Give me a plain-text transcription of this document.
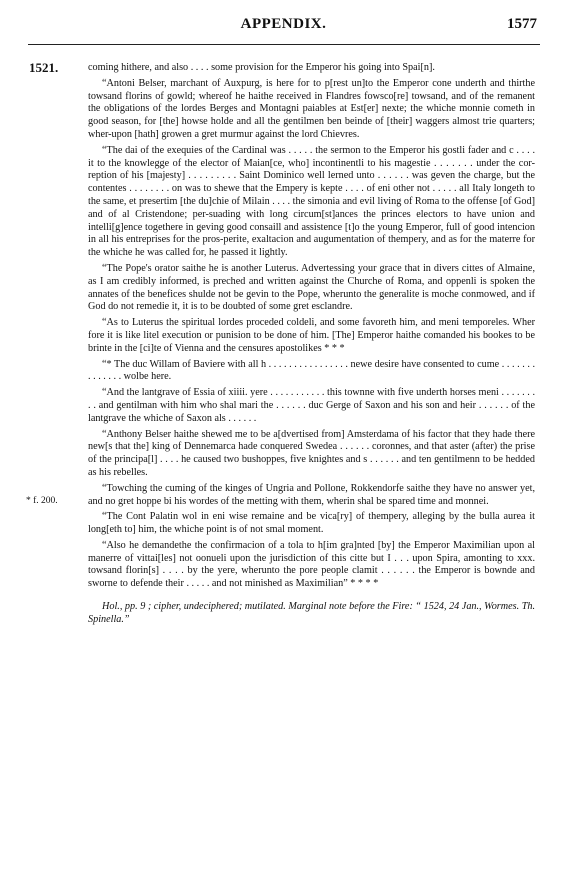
APPENDIX.	1577
1521.
* f. 200.

coming hithere, and also . . . . some provision for the Emperor his going into Spai[n].

“Antoni Belser, marchant of Auxpurg, is here for to p[rest un]to the Emperor cone underth and thirthe towsand florins of gowld; whereof he haithe received in Flandres fowsco[re] towsand, and of the remanent the obligations of the lordes Berges and Montagni paiables at Est[er] nexte; the whiche monnie cometh in good season, for [the] howse holde and all the gentilmen ben beinde of [their] waggers almost trie quarters; wher-upon [hath] growen a gret murmur against the lord Chievres.

“The dai of the exequies of the Cardinal was . . . . . the sermon to the Emperor his gostli fader and c . . . . it to the knowlegge of the elector of Maian[ce, who] incontinentli to his magestie . . . . . . . under the cor-reption of his [majesty] . . . . . . . . . Saint Dominico well lerned unto . . . . . . was geven the charge, but the contentes . . . . . . . . on was to shewe that the Empery is kepte . . . . of eni other not . . . . . all Italy longeth to the same, et presertim [the du]chie of Milain . . . . the simonia and evil living of Roma to the offense [of God] and of al Cristendone; per-suading with long circum[st]ances the princes electors to have union and intelli[g]ence togethere in geving good consaill and assistence [t]o the young Emperor, full of good intencion in all his entreprises for the pros-perite, exaltacion and augumentation of thempery, and as for the materre for the whiche he was called for, he passed it lightly.

“The Pope's orator saithe he is another Luterus. Advertessing your grace that in divers cittes of Almaine, as I am credibly informed, is preched and written against the Churche of Roma, and oppenli is spoken the annates of the benefices shulde not be gevin to the Pope, wherunto the generalite is moche conmowed, and if God do not remedie it, it is to be doubted of some gret esclandre.

“As to Luterus the spiritual lordes proceded coldeli, and some favoreth him, and meni temporeles. Wher fore it is like litel execution or punision to be done of him. [The] Emperor haithe comanded his bookes to be brinte in the [ci]te of Vienna and the censures apostolikes * * *

“* The duc Willam of Baviere with all h . . . . . . . . . . . . . . . . newe desire have consented to cume . . . . . . . . . . . . . . wolbe here.

“And the lantgrave of Essia of xiiii. yere . . . . . . . . . . . this townne with five underth horses meni . . . . . . . . . and gentilman with him who shal mari the . . . . . . duc Gerge of Saxon and his son and heir . . . . . . of the lantgrave the whiche of Saxon als . . . . . .

“Anthony Belser haithe shewed me to be a[dvertised from] Amsterdama of his factor that they hade there new[s that the] king of Dennemarca hade conquered Swedea . . . . . . coronnes, and that aster (after) the prise of the principa[l] . . . . he caused two bushoppes, five knightes and s . . . . . . and ten gentilmenn to be hedded as his rebelles.

“Towching the cuming of the kinges of Ungria and Pollone, Rokkendorfe saithe they have no answer yet, and no gret hoppe bi his wordes of the metting with them, wherin shal be spared time and monnei.

“The Cont Palatin wol in eni wise remaine and be vica[ry] of thempery, alleging by the bulla aurea it long[eth to] him, the whiche point is of not smal moment.

“Also he demandethe the confirmacion of a tola to h[im gra]nted [by] the Emperor Maximilian upon al manerre of vittai[les] not oonueli upon the jurisdiction of this citte but I . . . upon Spira, amonting to xxx. towsand florin[s] . . . . by the yere, wherunto the pore people clamit . . . . . . the Emperor is bownde and sworne to defende their . . . . . and not minished as Maximilian” * * * *

Hol., pp. 9 ; cipher, undeciphered; mutilated. Marginal note before the Fire: “ 1524, 24 Jan., Wormes. Th. Spinella.”
